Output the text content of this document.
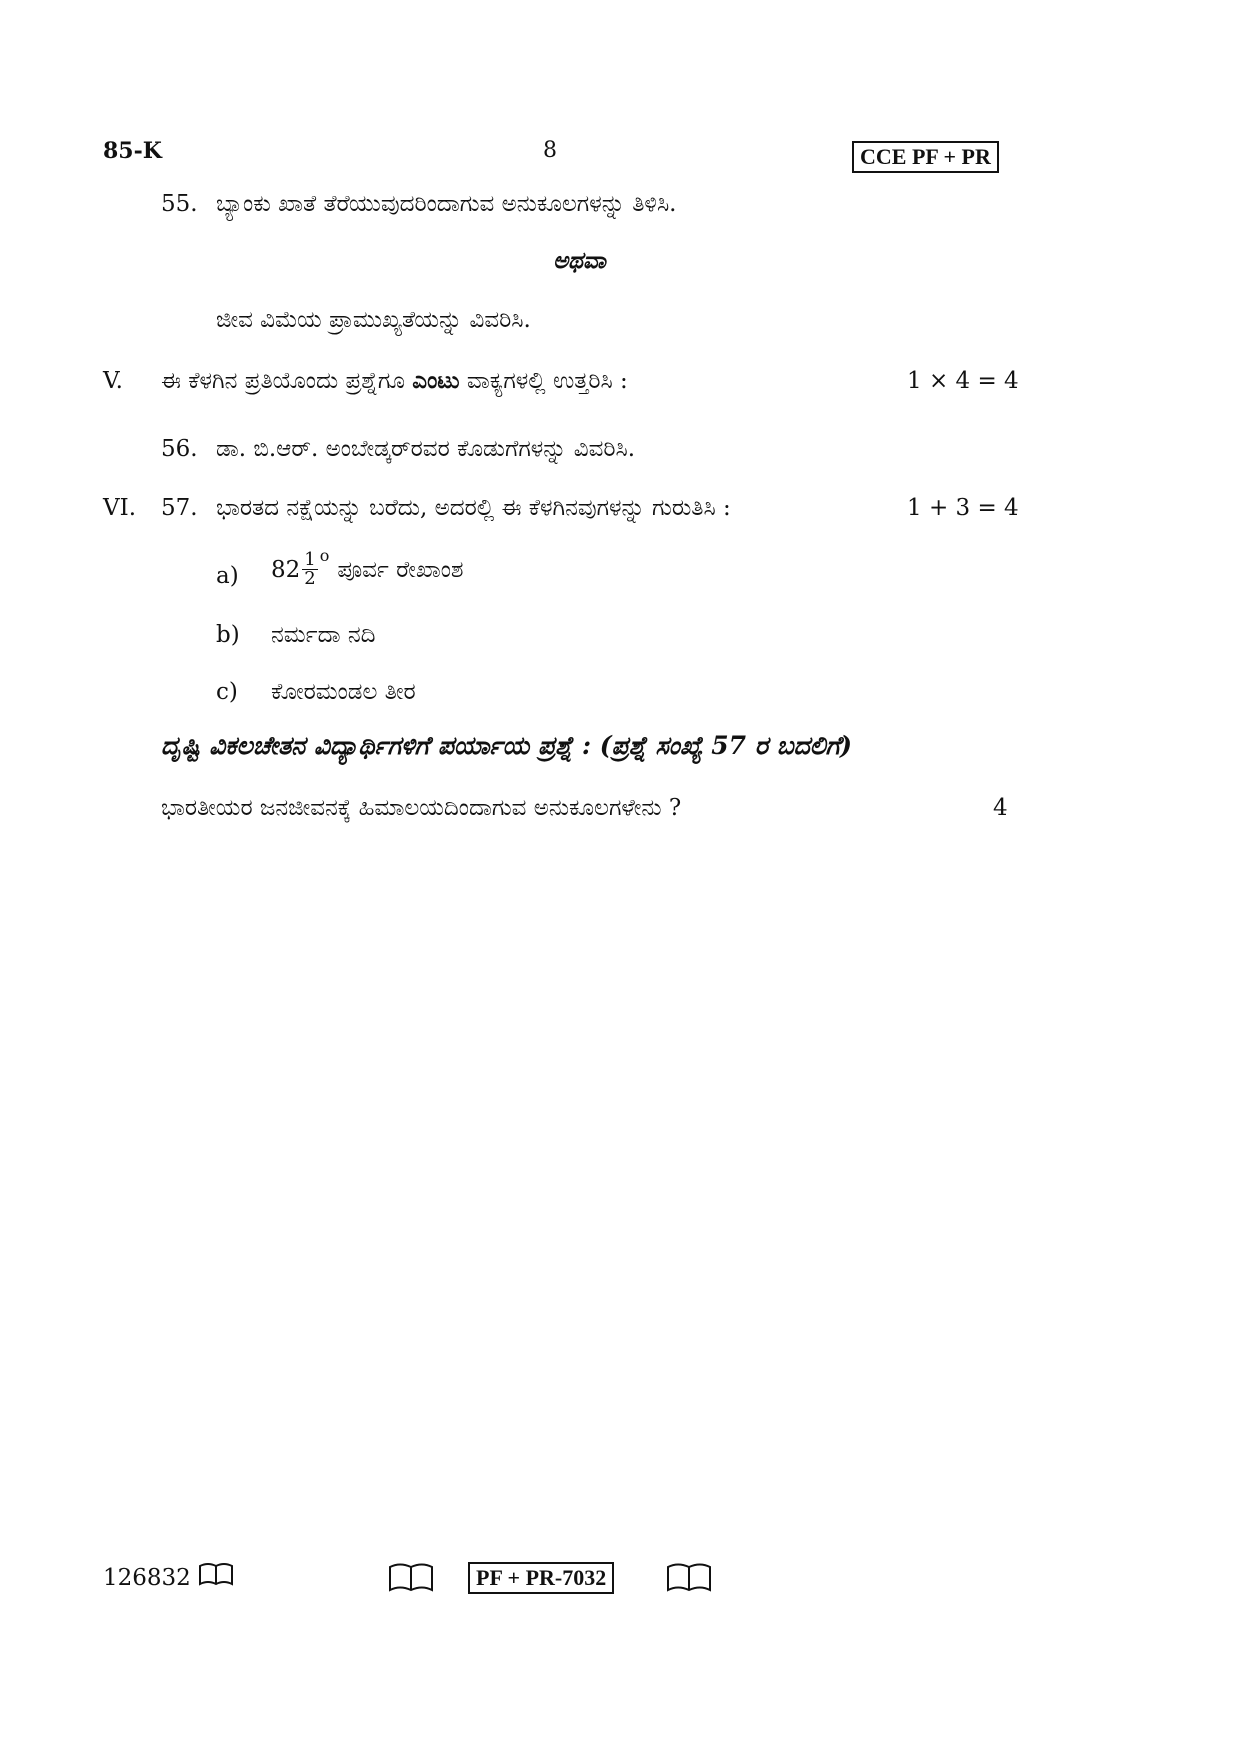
85-K	8	CCE PF + PR
55. ಬ್ಯಾಂಕು ಖಾತೆ ತೆರೆಯುವುದರಿಂದಾಗುವ ಅನುಕೂಲಗಳನ್ನು ತಿಳಿಸಿ.
ಅಥವಾ
ಜೀವ ವಿಮೆಯ ಪ್ರಾಮುಖ್ಯತೆಯನ್ನು ವಿವರಿಸಿ.
V. ಈ ಕೆಳಗಿನ ಪ್ರತಿಯೊಂದು ಪ್ರಶ್ನೆಗೂ ಎಂಟು ವಾಕ್ಯಗಳಲ್ಲಿ ಉತ್ತರಿಸಿ :	1 × 4 = 4
56. ಡಾ. ಬಿ.ಆರ್. ಅಂಬೇಡ್ಕರ್‌ರವರ ಕೊಡುಗೆಗಳನ್ನು ವಿವರಿಸಿ.
VI. 57. ಭಾರತದ ನಕ್ಷೆಯನ್ನು ಬರೆದು, ಅದರಲ್ಲಿ ಈ ಕೆಳಗಿನವುಗಳನ್ನು ಗುರುತಿಸಿ :	1 + 3 = 4
a) $82 \frac{1}{2}$ o
ಪೂರ್ವ ರೇಖಾಂಶ
b) ನರ್ಮದಾ ನದಿ
c) ಕೋರಮಂಡಲ ತೀರ
ದೃಷ್ಟಿ ವಿಕಲಚೇತನ ವಿದ್ಯಾರ್ಥಿಗಳಿಗೆ ಪರ್ಯಾಯ ಪ್ರಶ್ನೆ : (ಪ್ರಶ್ನೆ ಸಂಖ್ಯೆ 57 ರ ಬದಲಿಗೆ)
ಭಾರತೀಯರ ಜನಜೀವನಕ್ಕೆ ಹಿಮಾಲಯದಿಂದಾಗುವ ಅನುಕೂಲಗಳೇನು ?	4
126832	PF + PR-7032
